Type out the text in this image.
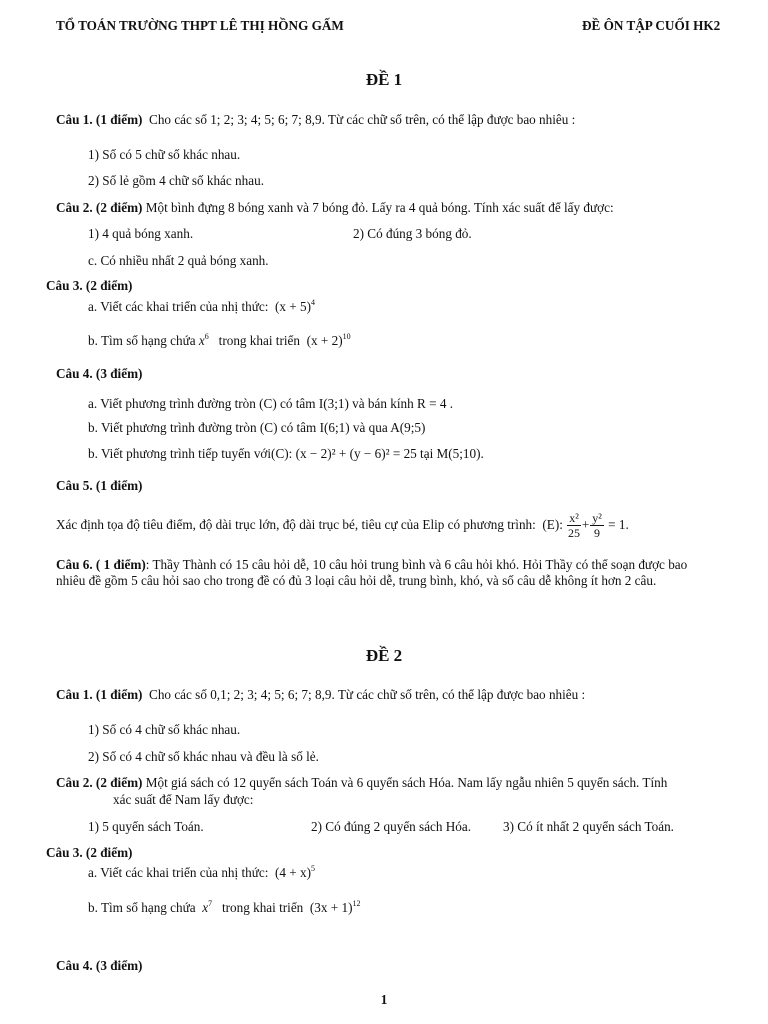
TỔ TOÁN TRƯỜNG THPT LÊ THỊ HỒNG GẤM	ĐỀ ÔN TẬP CUỐI HK2
ĐỀ 1
Câu 1. (1 điểm) Cho các số 1; 2; 3; 4; 5; 6; 7; 8,9. Từ các chữ số trên, có thể lập được bao nhiêu :
1) Số có 5 chữ số khác nhau.
2) Số lẻ gồm 4 chữ số khác nhau.
Câu 2. (2 điểm) Một bình đựng 8 bóng xanh và 7 bóng đỏ. Lấy ra 4 quả bóng. Tính xác suất để lấy được:
1) 4 quả bóng xanh.	2) Có đúng 3 bóng đỏ.
c. Có nhiều nhất 2 quả bóng xanh.
Câu 3. (2 điểm)
a. Viết các khai triển của nhị thức: $(x + 5)^4$
b. Tìm số hạng chứa $x^6$ trong khai triển $(x + 2)^{10}$
Câu 4. (3 điểm)
a. Viết phương trình đường tròn (C) có tâm I(3;1) và bán kính R = 4 .
b. Viết phương trình đường tròn (C) có tâm I(6;1) và qua A(9;5)
b. Viết phương trình tiếp tuyến với(C): (x − 2)² + (y − 6)² = 25 tại M(5;10).
Câu 5. (1 điểm)
Xác định tọa độ tiêu điểm, độ dài trục lớn, độ dài trục bé, tiêu cự của Elip có phương trình: (E): $\frac{\text{x²}}{25} + \frac{\text{y²}}{9} = 1$.
Câu 6. ( 1 điểm): Thầy Thành có 15 câu hỏi dễ, 10 câu hỏi trung bình và 6 câu hỏi khó. Hỏi Thầy có thể soạn được bao nhiêu đề gồm 5 câu hỏi sao cho trong đề có đủ 3 loại câu hỏi dễ, trung bình, khó, và số câu dễ không ít hơn 2 câu.
ĐỀ 2
Câu 1. (1 điểm) Cho các số 0,1; 2; 3; 4; 5; 6; 7; 8,9. Từ các chữ số trên, có thể lập được bao nhiêu :
1) Số có 4 chữ số khác nhau.
2) Số có 4 chữ số khác nhau và đều là số lẻ.
Câu 2. (2 điểm) Một giá sách có 12 quyển sách Toán và 6 quyển sách Hóa. Nam lấy ngẫu nhiên 5 quyển sách. Tính
xác suất để Nam lấy được:
1) 5 quyển sách Toán.	2) Có đúng 2 quyển sách Hóa. 3) Có ít nhất 2 quyển sách Toán.
Câu 3. (2 điểm)
a. Viết các khai triển của nhị thức: $(4 + x)^5$
b. Tìm số hạng chứa $x^7$ trong khai triển $(3x + 1)^{12}$
Câu 4. (3 điểm)
1
